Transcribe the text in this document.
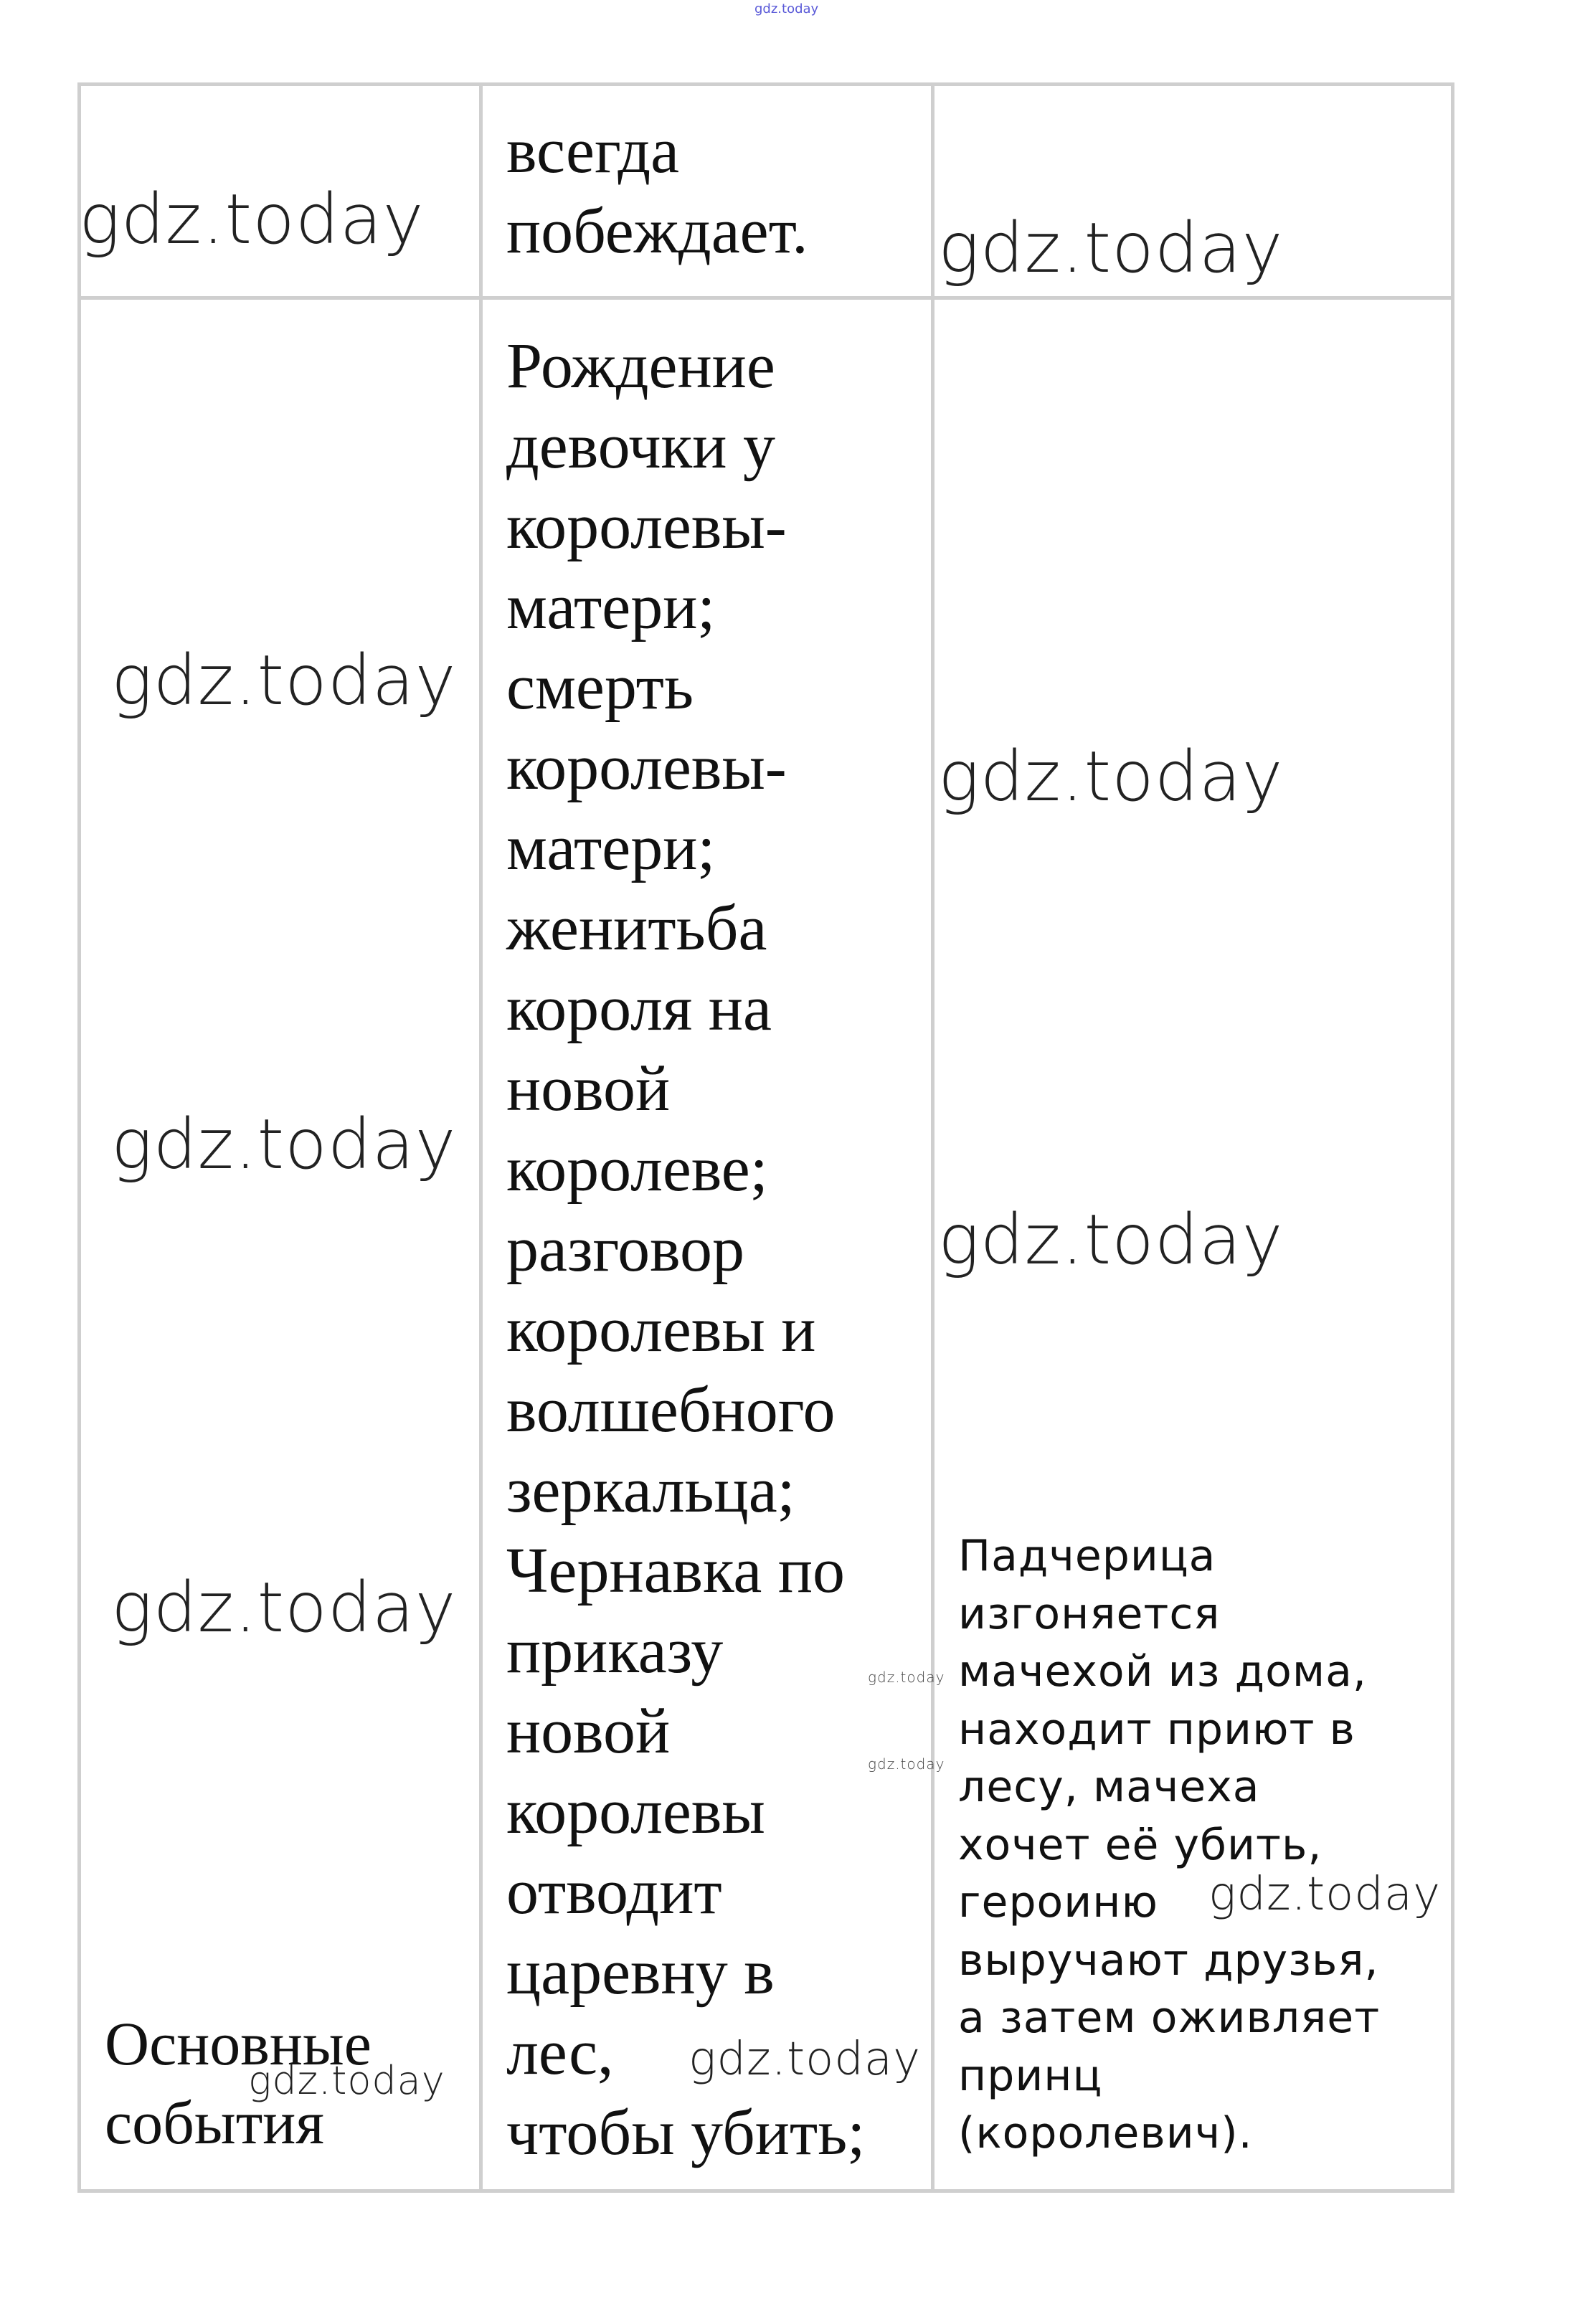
gdz.today
gdz.today
всегда
побеждает. gdz.today
gdz.today
gdz.today
gdz.today
Основные
события
gdz.today
Рождение
девочки у
королевы-
матери;
смерть
королевы-
матери;
женитьба
короля на
новой
королеве;
разговор
королевы и
волшебного
зеркальца;
Чернавка по
приказу
новой
королевы
отводит
царевну в
лес,
чтобы убить;
gdz.today
gdz.today
gdz.today
gdz.today
gdz.today
Падчерица
изгоняется
мачехой из дома,
находит приют в
лесу, мачеха
хочет её убить,
героиню
выручают друзья,
а затем оживляет
принц
(королевич).
gdz.today
